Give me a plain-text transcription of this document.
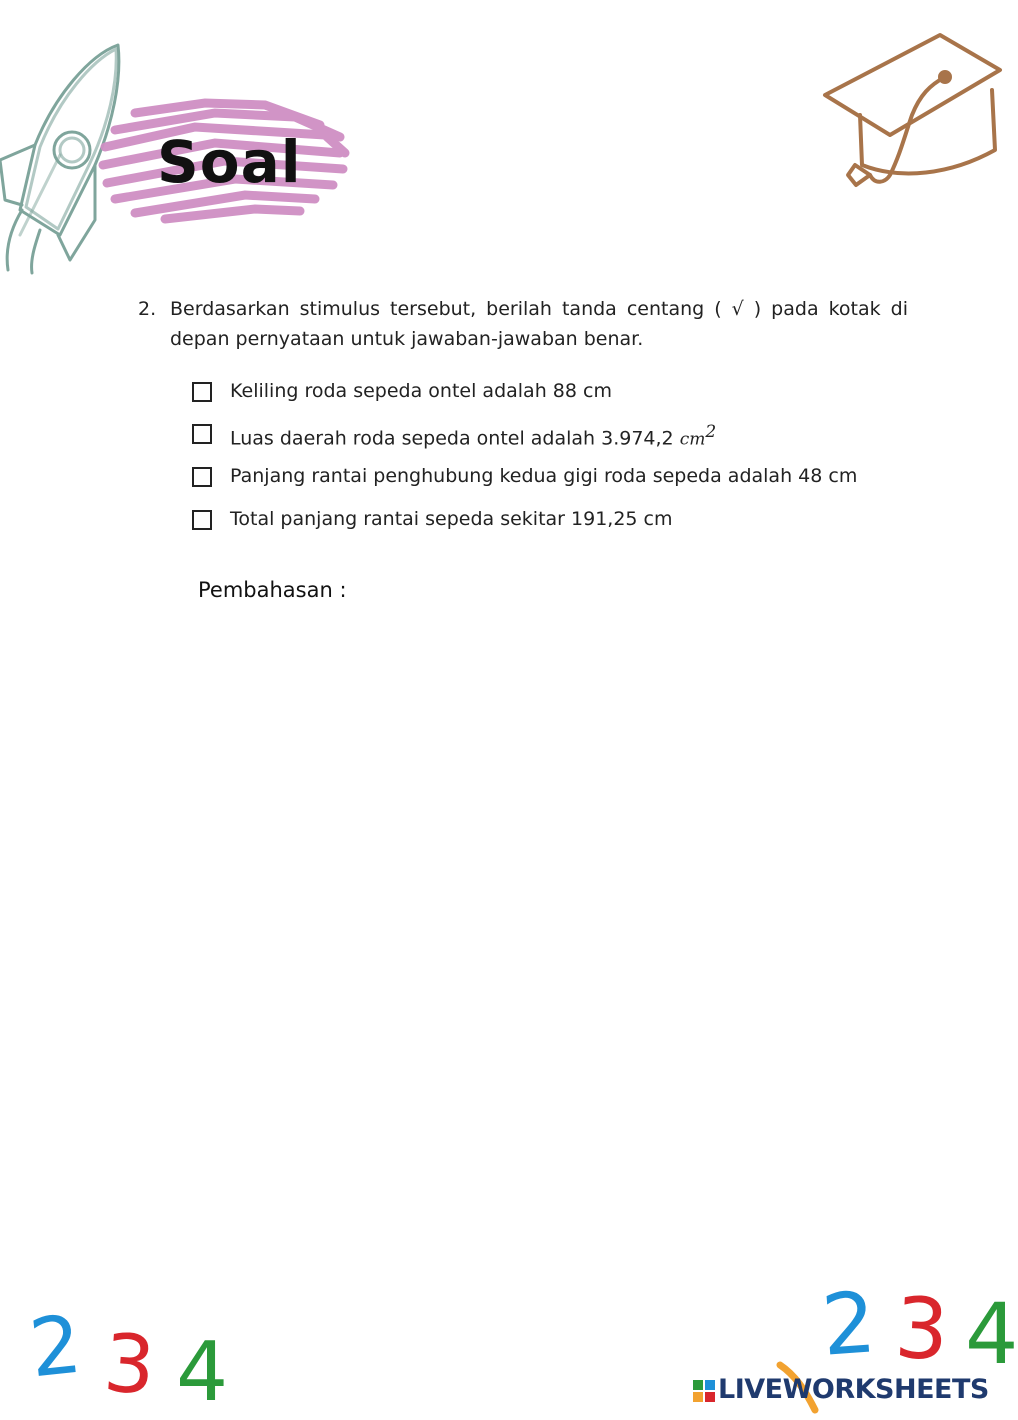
Soal
2. Berdasarkan stimulus tersebut, berilah tanda centang ( √ ) pada kotak di depan pernyataan untuk jawaban-jawaban benar.
Keliling roda sepeda ontel adalah 88 cm
Luas daerah roda sepeda ontel adalah 3.974,2 $cm^2$
Panjang rantai penghubung kedua gigi roda sepeda adalah 48 cm
Total panjang rantai sepeda sekitar 191,25 cm
Pembahasan :
2 3 4	2 3 4
LIVEWORKSHEETS
